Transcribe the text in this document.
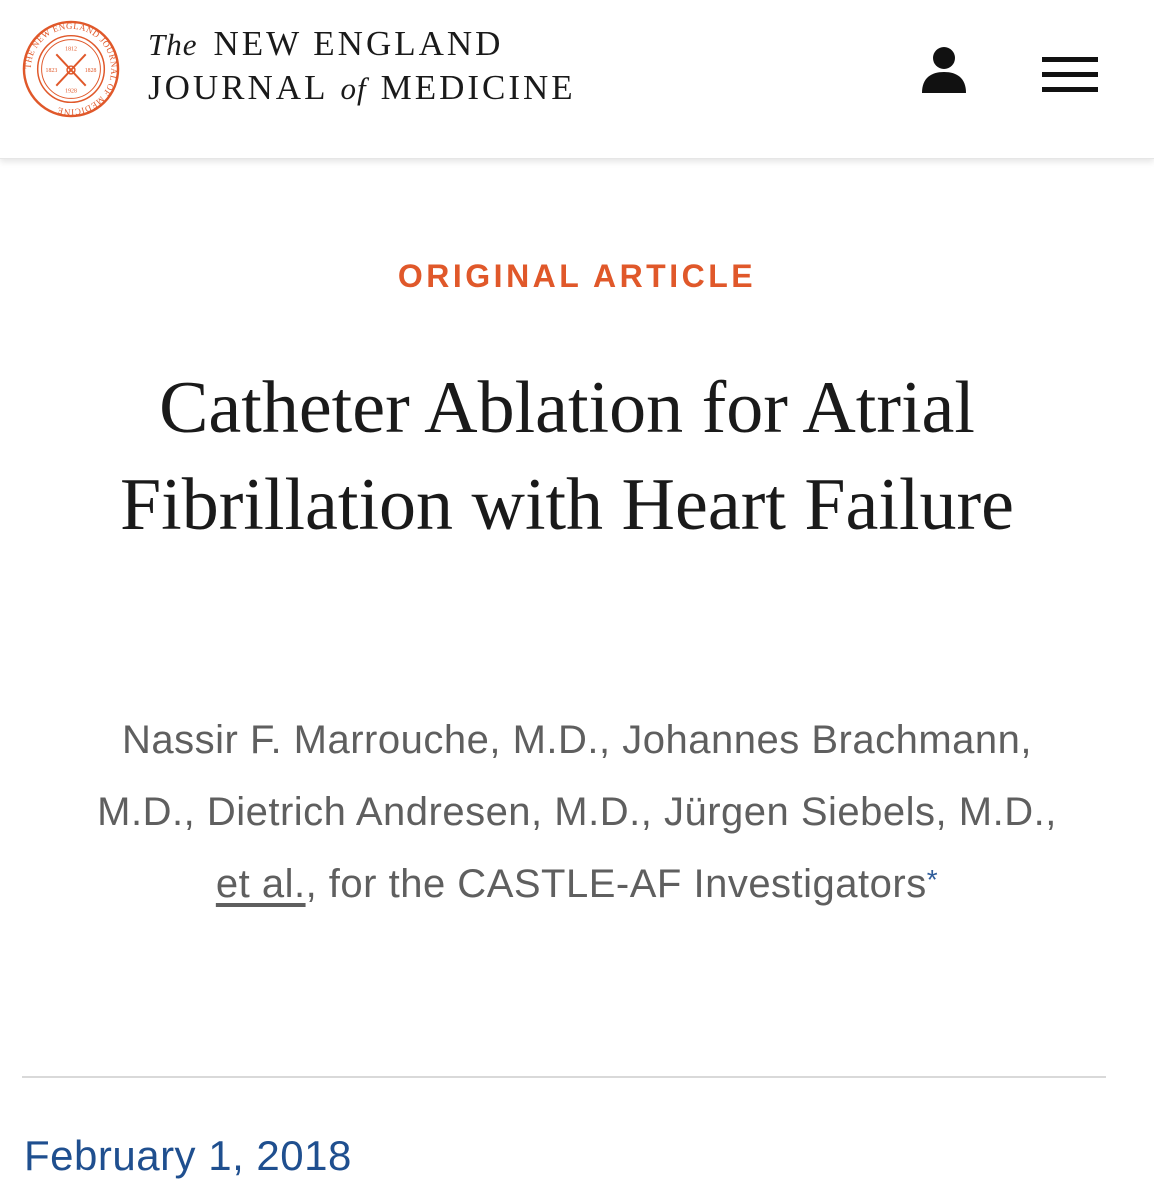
THE NEW ENGLAND JOURNAL OF MEDICINE
1812
1823	1828
1928
The NEW ENGLAND
JOURNAL of MEDICINE
ORIGINAL ARTICLE
Catheter Ablation for Atrial Fibrillation with Heart Failure
Nassir F. Marrouche, M.D., Johannes Brachmann, M.D., Dietrich Andresen, M.D., Jürgen Siebels, M.D., et al., for the CASTLE-AF Investigators*
February 1, 2018
